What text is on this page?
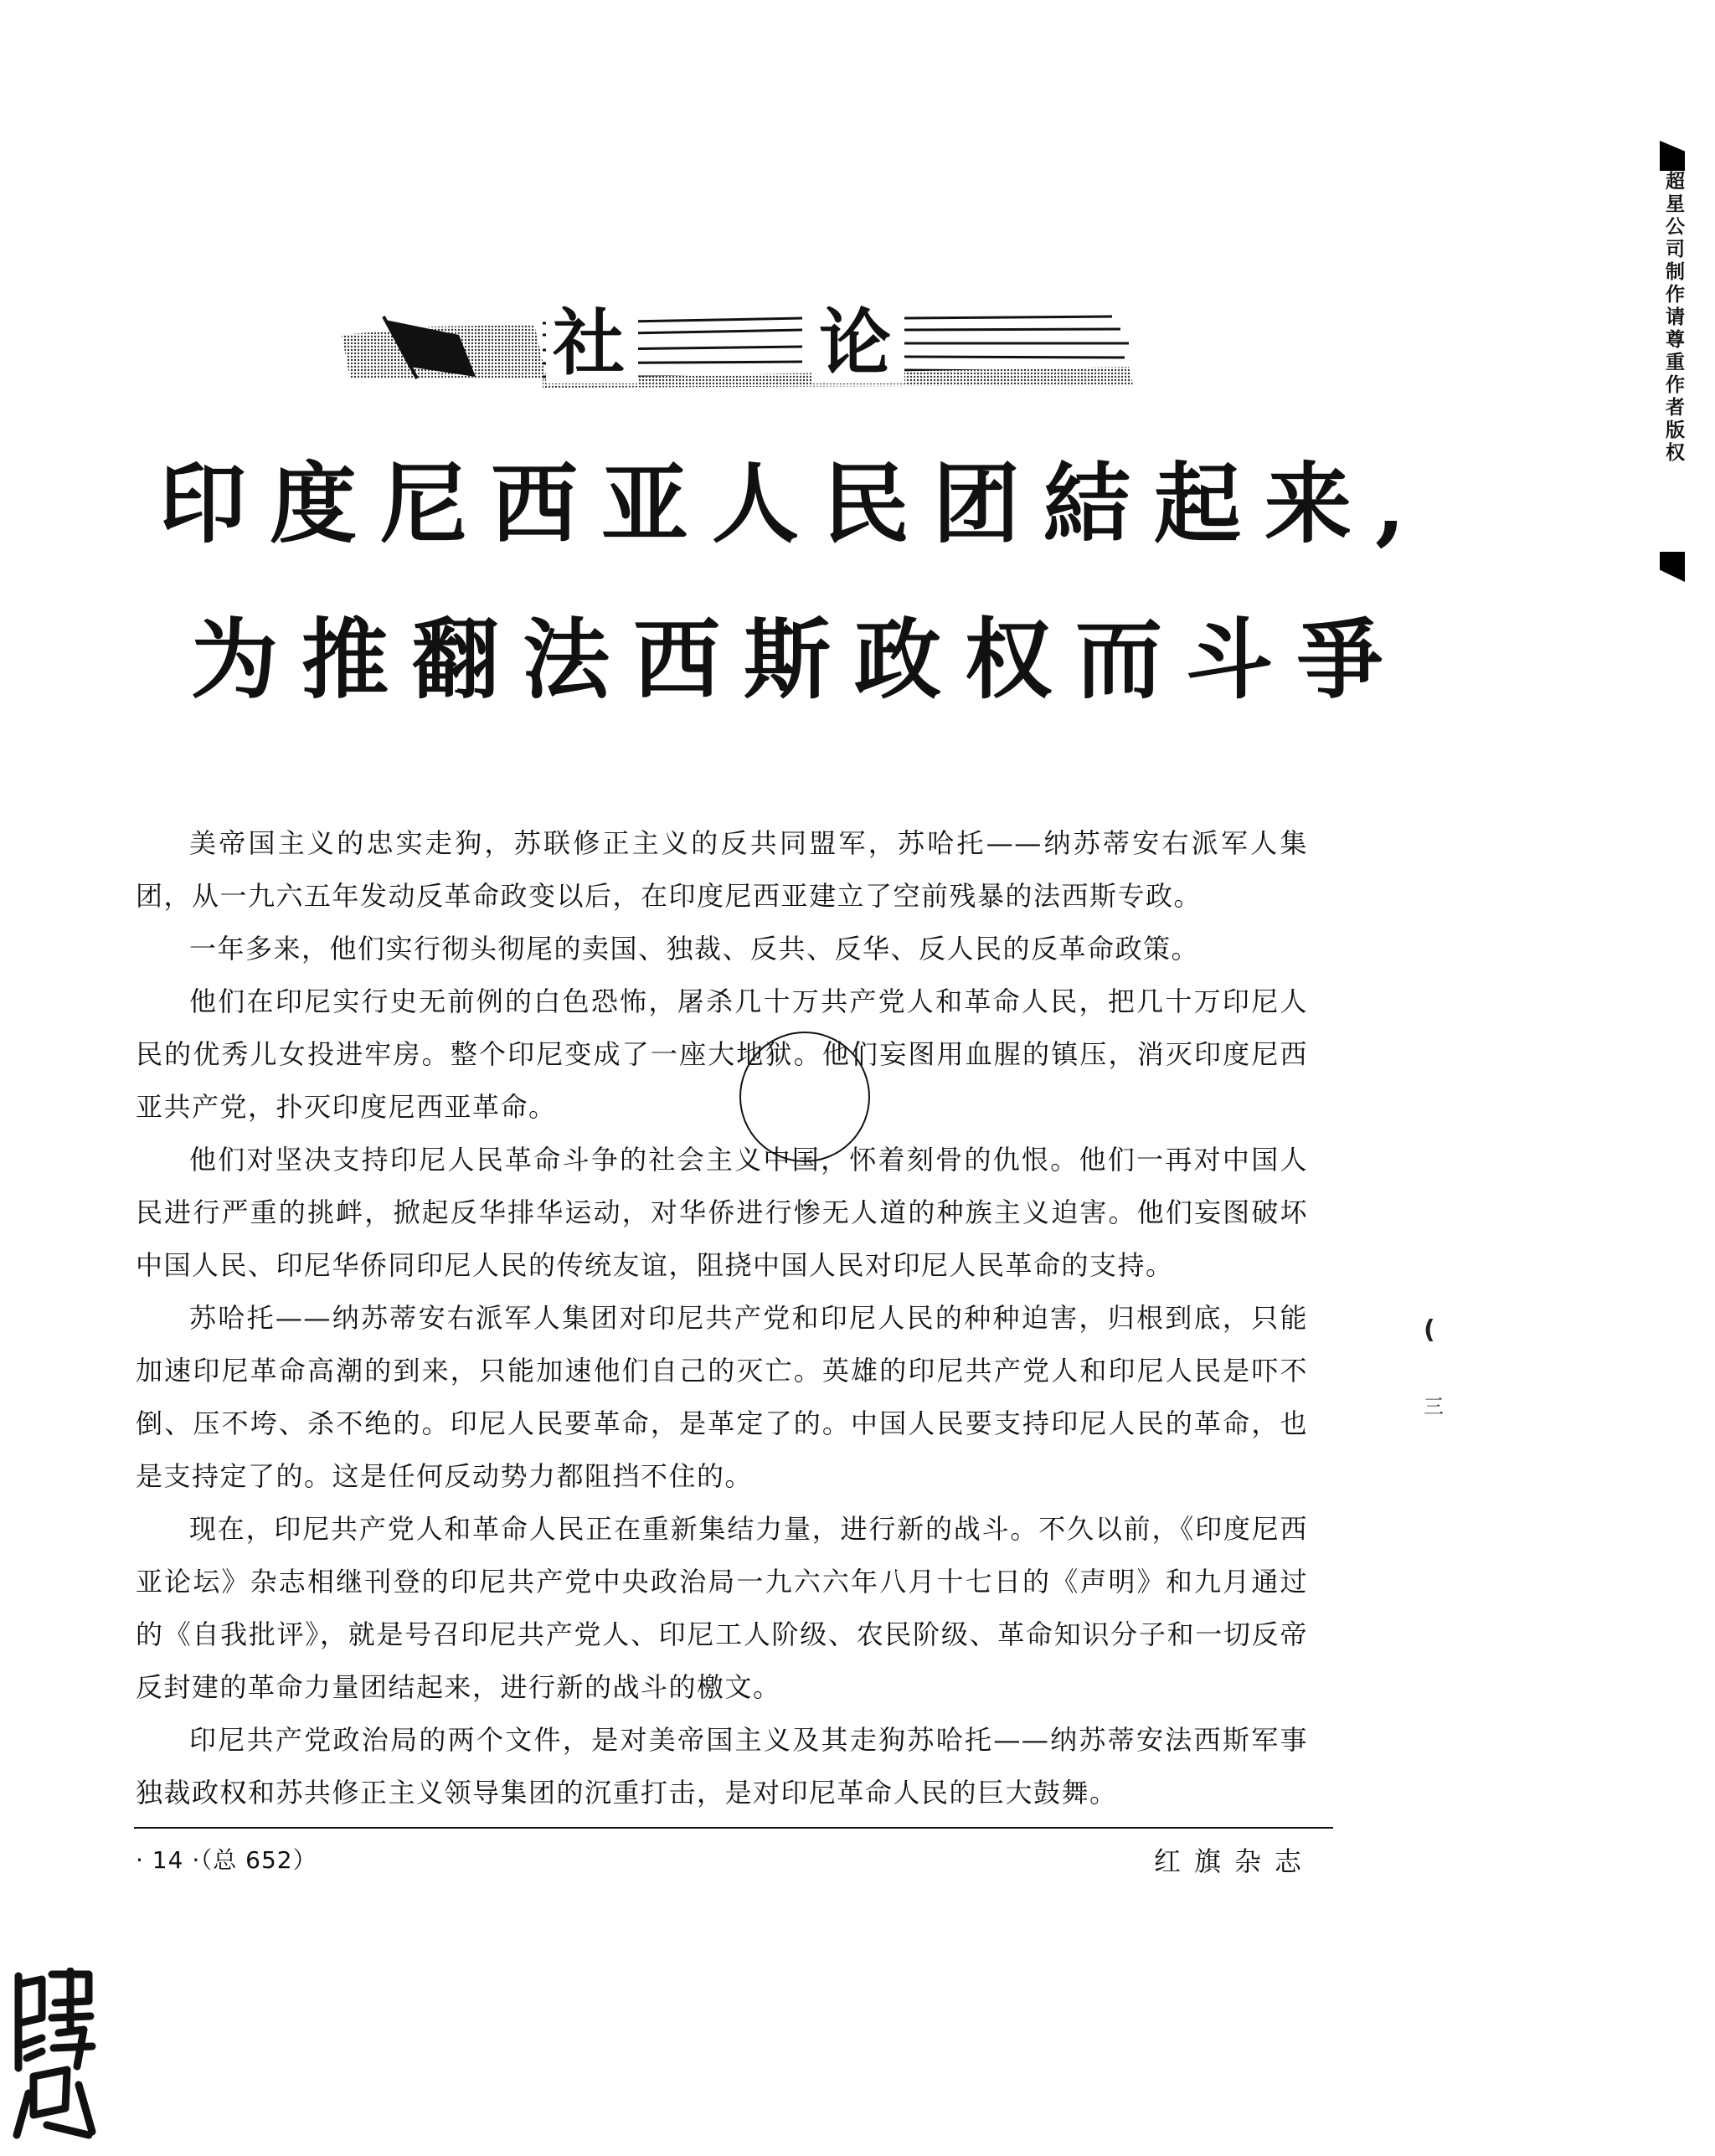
超星公司制作请尊重作者版权
社	论
印度尼西亚人民团結起来,
为推翻法西斯政权而斗爭

美帝国主义的忠实走狗，苏联修正主义的反共同盟军，苏哈托——纳苏蒂安右派军人集团，从一九六五年发动反革命政变以后，在印度尼西亚建立了空前残暴的法西斯专政。

一年多来，他们实行彻头彻尾的卖国、独裁、反共、反华、反人民的反革命政策。

他们在印尼实行史无前例的白色恐怖，屠杀几十万共产党人和革命人民，把几十万印尼人民的优秀儿女投进牢房。整个印尼变成了一座大地狱。他们妄图用血腥的镇压，消灭印度尼西亚共产党，扑灭印度尼西亚革命。

他们对坚决支持印尼人民革命斗争的社会主义中国，怀着刻骨的仇恨。他们一再对中国人民进行严重的挑衅，掀起反华排华运动，对华侨进行惨无人道的种族主义迫害。他们妄图破坏中国人民、印尼华侨同印尼人民的传统友谊，阻挠中国人民对印尼人民革命的支持。

苏哈托——纳苏蒂安右派军人集团对印尼共产党和印尼人民的种种迫害，归根到底，只能加速印尼革命高潮的到来，只能加速他们自己的灭亡。英雄的印尼共产党人和印尼人民是吓不倒、压不垮、杀不绝的。印尼人民要革命，是革定了的。中国人民要支持印尼人民的革命，也是支持定了的。这是任何反动势力都阻挡不住的。

现在，印尼共产党人和革命人民正在重新集结力量，进行新的战斗。不久以前，《印度尼西亚论坛》杂志相继刊登的印尼共产党中央政治局一九六六年八月十七日的《声明》和九月通过的《自我批评》，就是号召印尼共产党人、印尼工人阶级、农民阶级、革命知识分子和一切反帝反封建的革命力量团结起来，进行新的战斗的檄文。

印尼共产党政治局的两个文件，是对美帝国主义及其走狗苏哈托——纳苏蒂安法西斯军事独裁政权和苏共修正主义领导集团的沉重打击，是对印尼革命人民的巨大鼓舞。

(
三
· 14 ·（总 652）	红旗杂志
